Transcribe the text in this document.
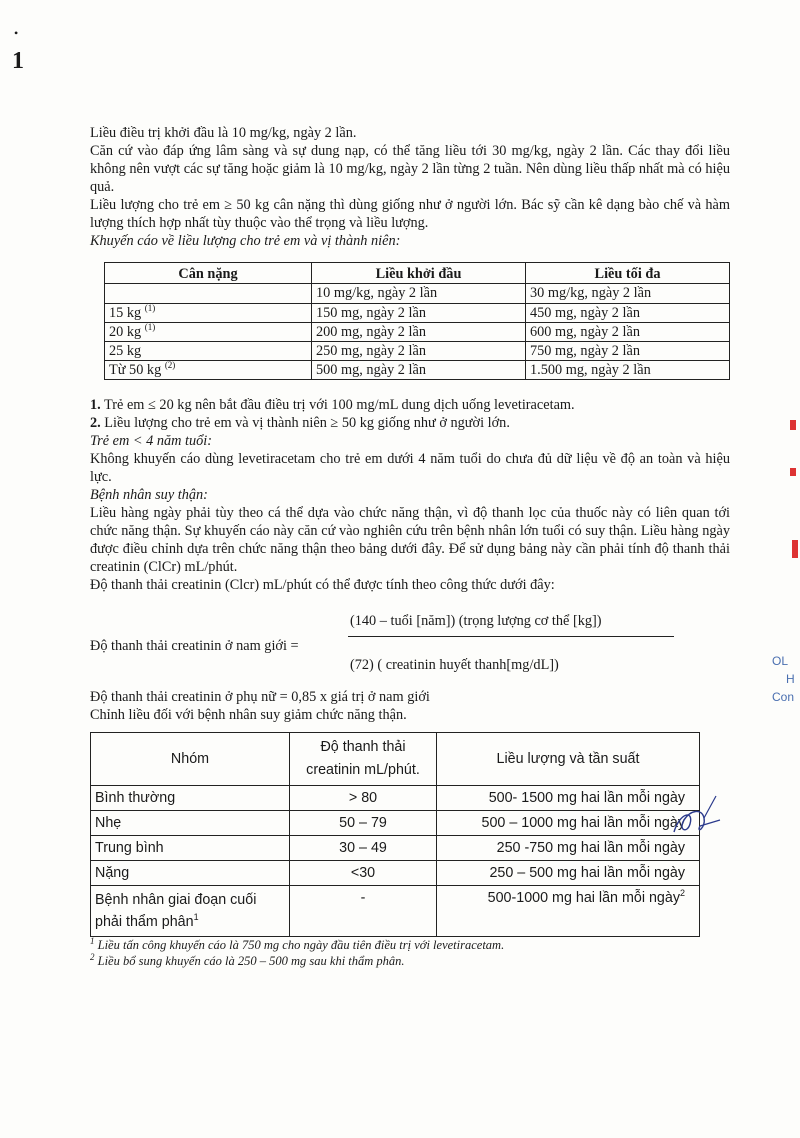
•
1

Liều điều trị khởi đầu là 10 mg/kg, ngày 2 lần.

Căn cứ vào đáp ứng lâm sàng và sự dung nạp, có thể tăng liều tới 30 mg/kg, ngày 2 lần. Các thay đổi liều không nên vượt các sự tăng hoặc giảm là 10 mg/kg, ngày 2 lần từng 2 tuần. Nên dùng liều thấp nhất mà có hiệu quả.

Liều lượng cho trẻ em ≥ 50 kg cân nặng thì dùng giống như ở người lớn. Bác sỹ cần kê dạng bào chế và hàm lượng thích hợp nhất tùy thuộc vào thể trọng và liều lượng.

Khuyến cáo về liều lượng cho trẻ em và vị thành niên:

Cân nặng	Liều khởi đầu	Liều tối đa
	10 mg/kg, ngày 2 lần	30 mg/kg, ngày 2 lần
15 kg $^{(1)}$	150 mg, ngày 2 lần	450 mg, ngày 2 lần
20 kg $^{(1)}$	200 mg, ngày 2 lần	600 mg, ngày 2 lần
25 kg	250 mg, ngày 2 lần	750 mg, ngày 2 lần
Từ 50 kg $^{(2)}$	500 mg, ngày 2 lần	1.500 mg, ngày 2 lần

1. Trẻ em ≤ 20 kg nên bắt đầu điều trị với 100 mg/mL dung dịch uống levetiracetam.

2. Liều lượng cho trẻ em và vị thành niên ≥ 50 kg giống như ở người lớn.

Trẻ em < 4 năm tuổi:

Không khuyến cáo dùng levetiracetam cho trẻ em dưới 4 năm tuổi do chưa đủ dữ liệu về độ an toàn và hiệu lực.

Bệnh nhân suy thận:

Liều hàng ngày phải tùy theo cá thể dựa vào chức năng thận, vì độ thanh lọc của thuốc này có liên quan tới chức năng thận. Sự khuyến cáo này căn cứ vào nghiên cứu trên bệnh nhân lớn tuổi có suy thận. Liều hàng ngày được điều chỉnh dựa trên chức năng thận theo bảng dưới đây. Để sử dụng bảng này cần phải tính độ thanh thải creatinin (ClCr) mL/phút.

Độ thanh thải creatinin (Clcr) mL/phút có thể được tính theo công thức dưới đây:

Độ thanh thải creatinin ở nam giới =
(140 – tuổi [năm]) (trọng lượng cơ thể [kg])
(72) ( creatinin huyết thanh[mg/dL])

Độ thanh thải creatinin ở phụ nữ = 0,85 x giá trị ở nam giới

Chỉnh liều đối với bệnh nhân suy giảm chức năng thận.

Nhóm	Độ thanh thải creatinin mL/phút.	Liều lượng và tần suất
Bình thường	> 80	500- 1500 mg hai lần mỗi ngày
Nhẹ	50 – 79	500 – 1000 mg hai lần mỗi ngày
Trung bình	30 – 49	250 -750 mg hai lần mỗi ngày
Nặng	<30	250 – 500 mg hai lần mỗi ngày
Bệnh nhân giai đoạn cuối phải thẩm phân$^1$	-	500-1000 mg hai lần mỗi ngày$^2$

$^1$ Liều tấn công khuyến cáo là 750 mg cho ngày đầu tiên điều trị với levetiracetam.

$^2$ Liều bổ sung khuyến cáo là 250 – 500 mg sau khi thẩm phân.

OL
H
Con
